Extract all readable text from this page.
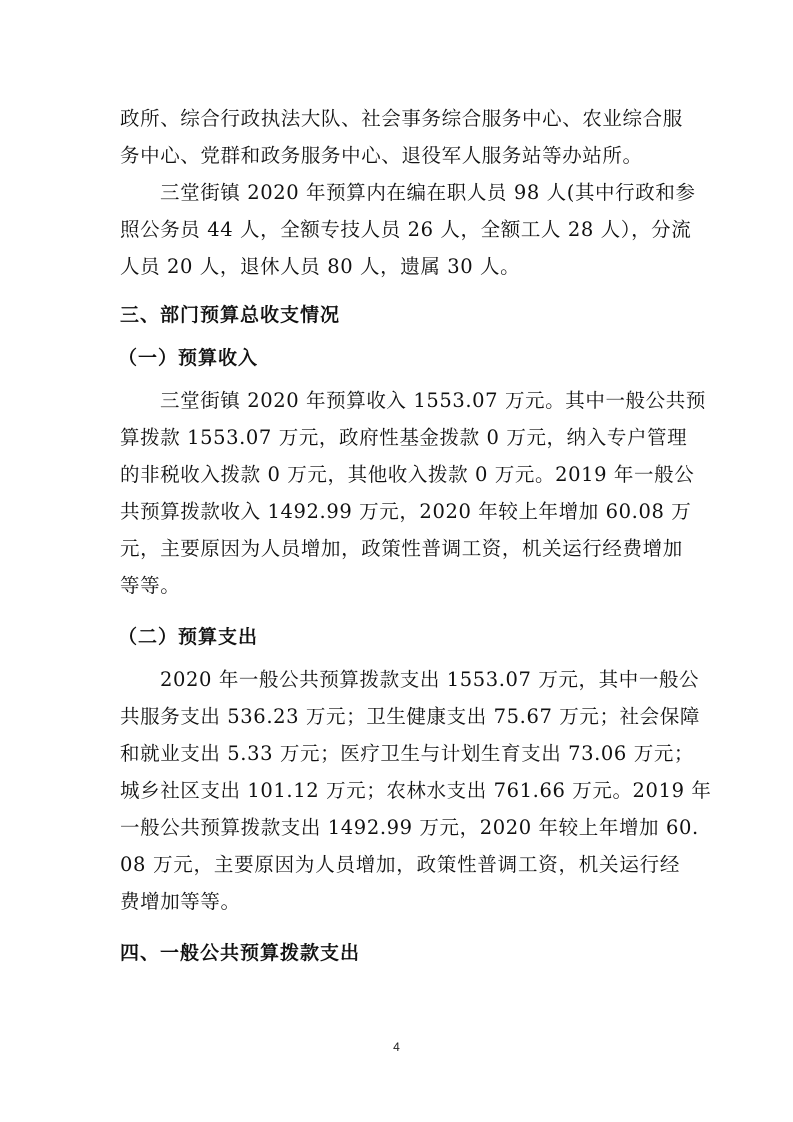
政所、综合行政执法大队、社会事务综合服务中心、农业综合服
务中心、党群和政务服务中心、退役军人服务站等办站所。
三堂街镇 2020 年预算内在编在职人员 98 人(其中行政和参
照公务员 44 人，全额专技人员 26 人，全额工人 28 人），分流
人员 20 人，退休人员 80 人，遗属 30 人。
三、部门预算总收支情况
（一）预算收入
三堂街镇 2020 年预算收入 1553.07 万元。其中一般公共预
算拨款 1553.07 万元，政府性基金拨款 0 万元，纳入专户管理
的非税收入拨款 0 万元，其他收入拨款 0 万元。2019 年一般公
共预算拨款收入 1492.99 万元，2020 年较上年增加 60.08 万
元，主要原因为人员增加，政策性普调工资，机关运行经费增加
等等。
（二）预算支出
2020 年一般公共预算拨款支出 1553.07 万元，其中一般公
共服务支出 536.23 万元；卫生健康支出 75.67 万元；社会保障
和就业支出 5.33 万元；医疗卫生与计划生育支出 73.06 万元；
城乡社区支出 101.12 万元；农林水支出 761.66 万元。2019 年
一般公共预算拨款支出 1492.99 万元，2020 年较上年增加 60.
08 万元，主要原因为人员增加，政策性普调工资，机关运行经
费增加等等。
四、一般公共预算拨款支出
4
